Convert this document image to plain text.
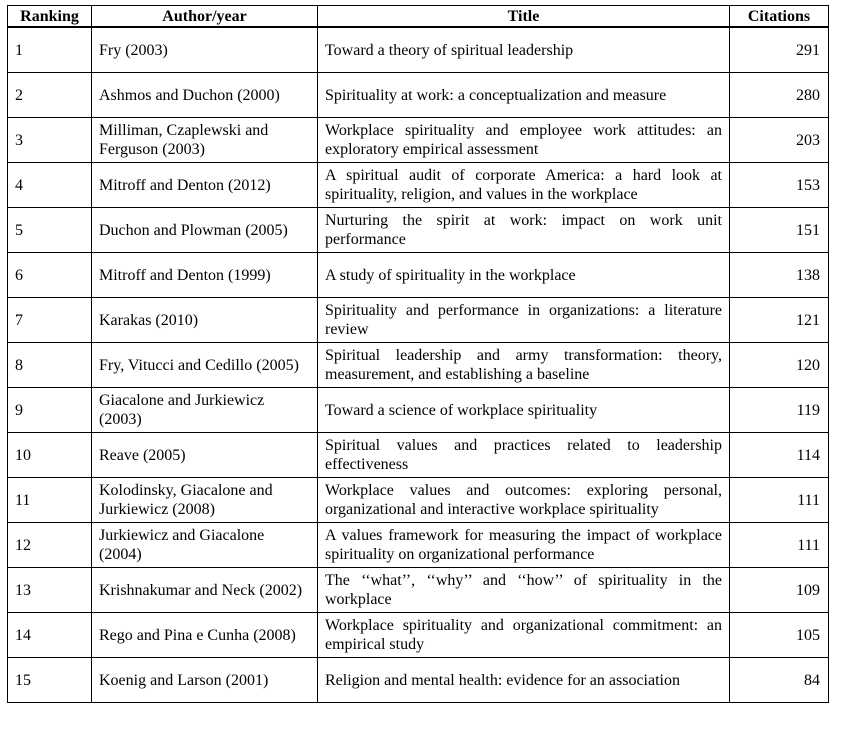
Ranking	Author/year	Title	Citations
1	Fry (2003)	Toward a theory of spiritual leadership	291
2	Ashmos and Duchon (2000)	Spirituality at work: a conceptualization and measure	280
3	Milliman, Czaplewski and Ferguson (2003)	Workplace spirituality and employee work attitudes: an exploratory empirical assessment	203
4	Mitroff and Denton (2012)	A spiritual audit of corporate America: a hard look at spirituality, religion, and values in the workplace	153
5	Duchon and Plowman (2005)	Nurturing the spirit at work: impact on work unit performance	151
6	Mitroff and Denton (1999)	A study of spirituality in the workplace	138
7	Karakas (2010)	Spirituality and performance in organizations: a literature review	121
8	Fry, Vitucci and Cedillo (2005)	Spiritual leadership and army transformation: theory, measurement, and establishing a baseline	120
9	Giacalone and Jurkiewicz (2003)	Toward a science of workplace spirituality	119
10	Reave (2005)	Spiritual values and practices related to leadership effectiveness	114
11	Kolodinsky, Giacalone and Jurkiewicz (2008)	Workplace values and outcomes: exploring personal, organizational and interactive workplace spirituality	111
12	Jurkiewicz and Giacalone (2004)	A values framework for measuring the impact of workplace spirituality on organizational performance	111
13	Krishnakumar and Neck (2002)	The ‘‘what’’, ‘‘why’’ and ‘‘how’’ of spirituality in the workplace	109
14	Rego and Pina e Cunha (2008)	Workplace spirituality and organizational commitment: an empirical study	105
15	Koenig and Larson (2001)	Religion and mental health: evidence for an association	84
